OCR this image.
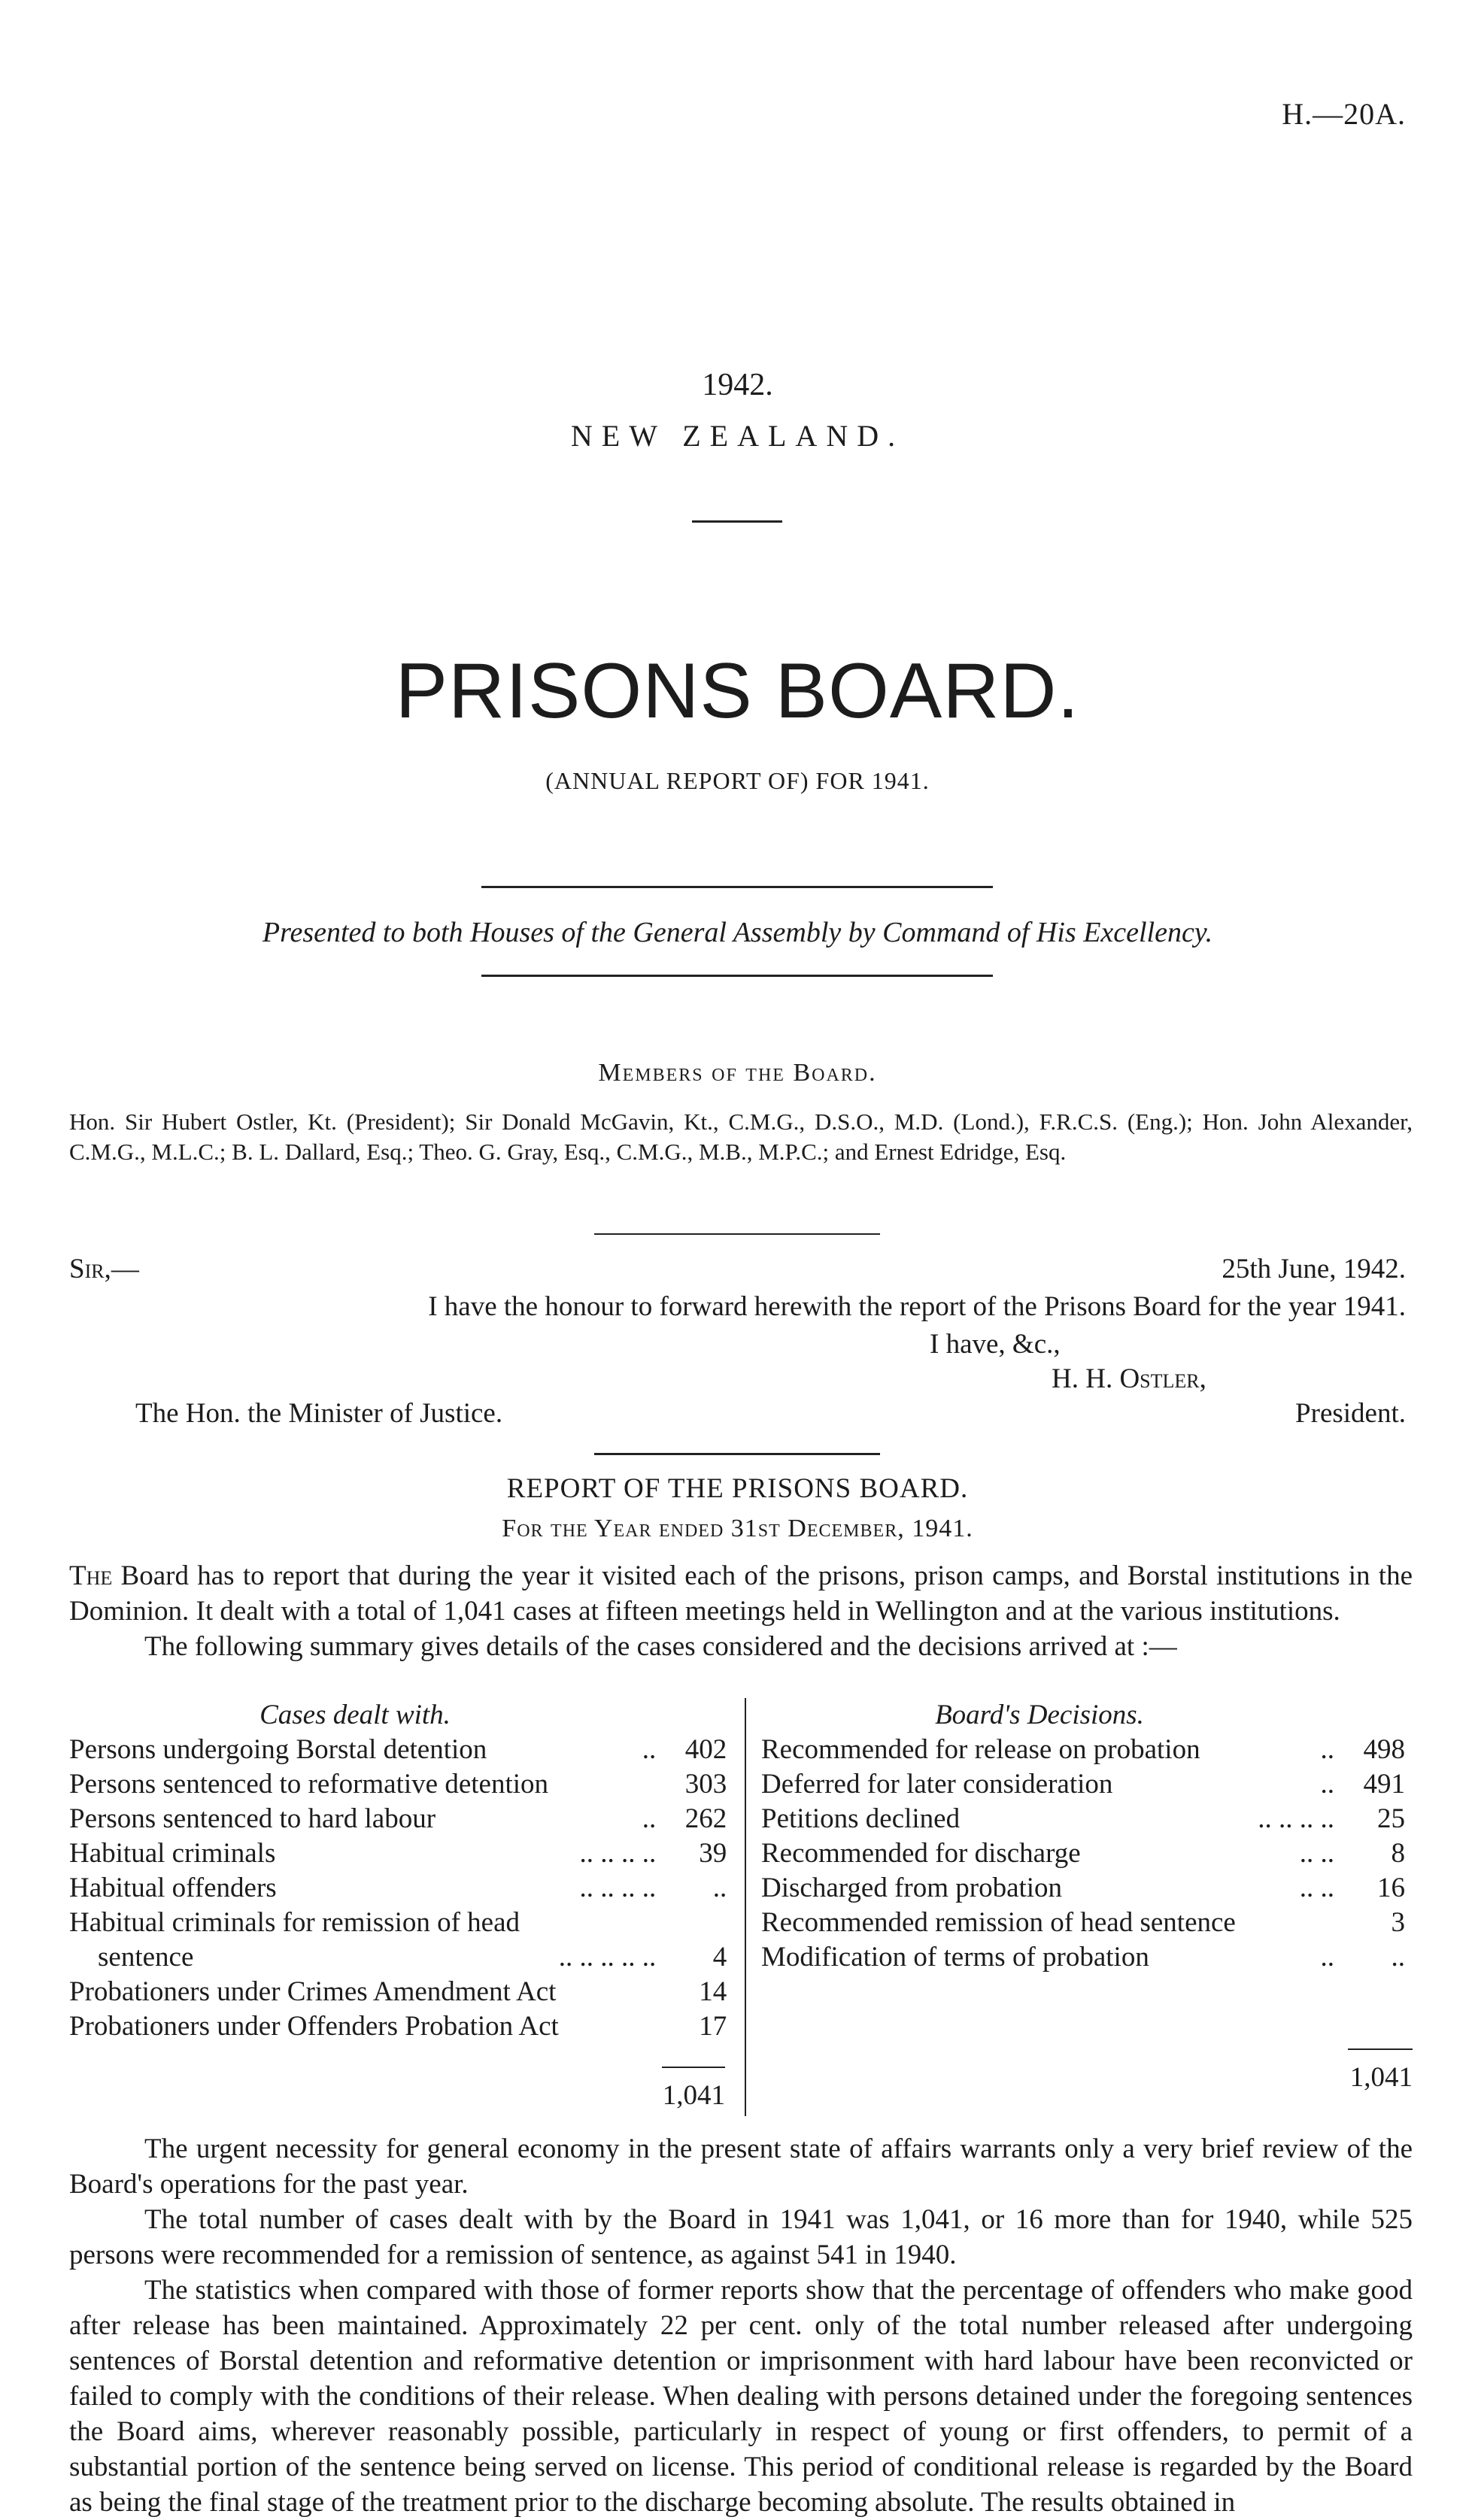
H.—20A.
1942.
NEW ZEALAND.
PRISONS BOARD.
(ANNUAL REPORT OF) FOR 1941.
Presented to both Houses of the General Assembly by Command of His Excellency.
Members of the Board.
Hon. Sir Hubert Ostler, Kt. (President); Sir Donald McGavin, Kt., C.M.G., D.S.O., M.D. (Lond.), F.R.C.S. (Eng.); Hon. John Alexander, C.M.G., M.L.C.; B. L. Dallard, Esq.; Theo. G. Gray, Esq., C.M.G., M.B., M.P.C.; and Ernest Edridge, Esq.
Sir,—	25th June, 1942.
I have the honour to forward herewith the report of the Prisons Board for the year 1941.
I have, &c.,
H. H. Ostler,
The Hon. the Minister of Justice.	President.
REPORT OF THE PRISONS BOARD.
For the Year ended 31st December, 1941.

The Board has to report that during the year it visited each of the prisons, prison camps, and Borstal institutions in the Dominion. It dealt with a total of 1,041 cases at fifteen meetings held in Wellington and at the various institutions.

The following summary gives details of the cases considered and the decisions arrived at :—

Cases dealt with.
Persons undergoing Borstal detention	..	402
Persons sentenced to reformative detention		303
Persons sentenced to hard labour	..	262
Habitual criminals	.. .. .. ..	39
Habitual offenders	.. .. .. ..	..
Habitual criminals for remission of head		
sentence	.. .. .. .. ..	4
Probationers under Crimes Amendment Act		14
Probationers under Offenders Probation Act		17
1,041
Board's Decisions.
Recommended for release on probation	..	498
Deferred for later consideration	..	491
Petitions declined	.. .. .. ..	25
Recommended for discharge	.. ..	8
Discharged from probation	.. ..	16
Recommended remission of head sentence		3
Modification of terms of probation	..	..
1,041

The urgent necessity for general economy in the present state of affairs warrants only a very brief review of the Board's operations for the past year.

The total number of cases dealt with by the Board in 1941 was 1,041, or 16 more than for 1940, while 525 persons were recommended for a remission of sentence, as against 541 in 1940.

The statistics when compared with those of former reports show that the percentage of offenders who make good after release has been maintained. Approximately 22 per cent. only of the total number released after undergoing sentences of Borstal detention and reformative detention or imprisonment with hard labour have been reconvicted or failed to comply with the conditions of their release. When dealing with persons detained under the foregoing sentences the Board aims, wherever reasonably possible, particularly in respect of young or first offenders, to permit of a substantial portion of the sentence being served on license. This period of conditional release is regarded by the Board as being the final stage of the treatment prior to the discharge becoming absolute. The results obtained in
